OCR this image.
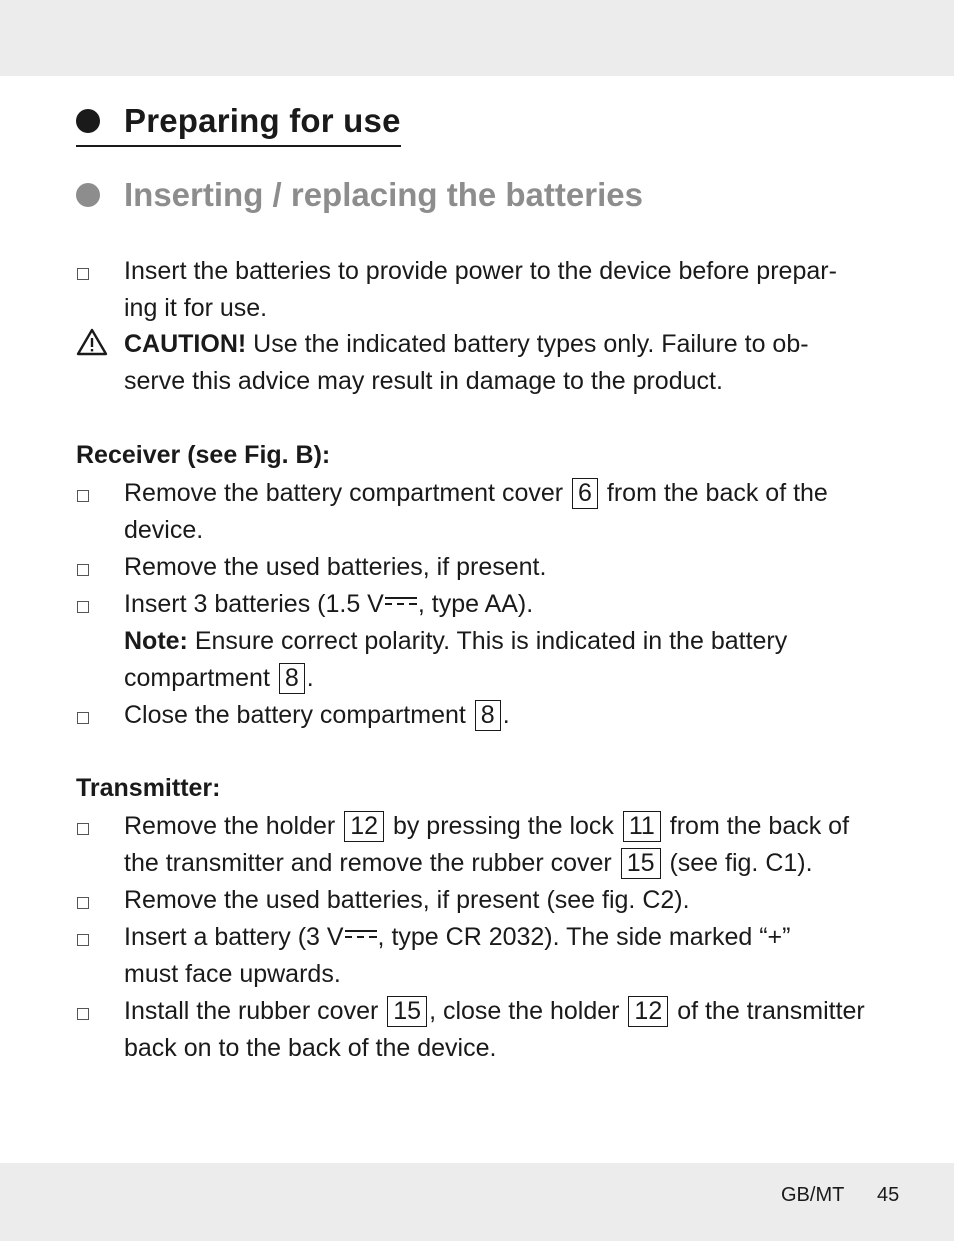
Preparing for use
Inserting / replacing the batteries
Insert the batteries to provide power to the device before prepar-
ing it for use.
CAUTION! Use the indicated battery types only. Failure to ob-
serve this advice may result in damage to the product.
Receiver (see Fig. B):
Remove the battery compartment cover 6 from the back of the
device.
Remove the used batteries, if present.
Insert 3 batteries (1.5 V , type AA).
Note: Ensure correct polarity. This is indicated in the battery
compartment 8 .
Close the battery compartment 8 .
Transmitter:
Remove the holder 12 by pressing the lock 11 from the back of
the transmitter and remove the rubber cover 15 (see fig. C1).
Remove the used batteries, if present (see fig. C2).
Insert a battery (3 V , type CR 2032). The side marked “+”
must face upwards.
Install the rubber cover 15 , close the holder 12 of the transmitter
back on to the back of the device.
GB/MT 45
